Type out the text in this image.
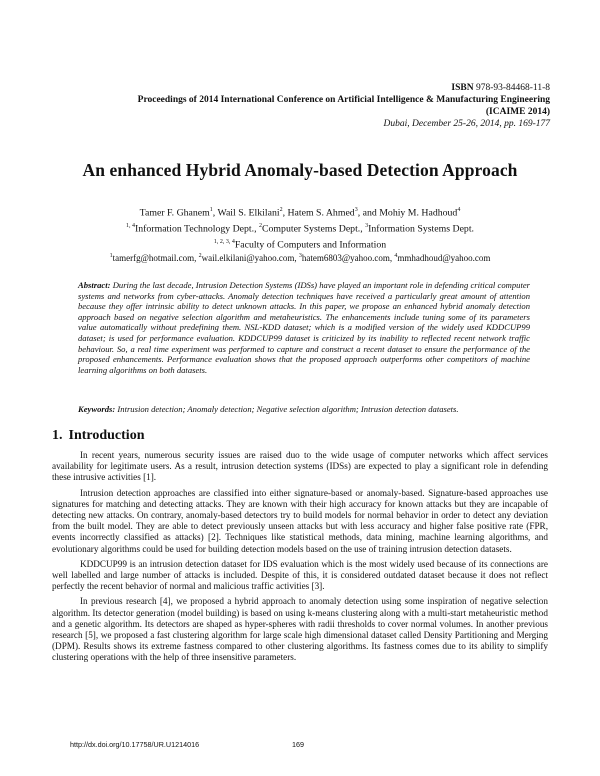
ISBN 978-93-84468-11-8
Proceedings of 2014 International Conference on Artificial Intelligence & Manufacturing Engineering
(ICAIME 2014)
Dubai, December 25-26, 2014, pp. 169-177
An enhanced Hybrid Anomaly-based Detection Approach
Tamer F. Ghanem$^1$, Wail S. Elkilani$^2$, Hatem S. Ahmed$^3$, and Mohiy M. Hadhoud$^4$
$^{1, 4}$Information Technology Dept., $^2$Computer Systems Dept., $^3$Information Systems Dept.
$^{1, 2, 3, 4}$Faculty of Computers and Information
$^1$tamerfg@hotmail.com, $^2$wail.elkilani@yahoo.com, $^3$hatem6803@yahoo.com, $^4$mmhadhoud@yahoo.com
Abstract: During the last decade, Intrusion Detection Systems (IDSs) have played an important role in defending critical computer systems and networks from cyber-attacks. Anomaly detection techniques have received a particularly great amount of attention because they offer intrinsic ability to detect unknown attacks. In this paper, we propose an enhanced hybrid anomaly detection approach based on negative selection algorithm and metaheuristics. The enhancements include tuning some of its parameters value automatically without predefining them. NSL-KDD dataset; which is a modified version of the widely used KDDCUP99 dataset; is used for performance evaluation. KDDCUP99 dataset is criticized by its inability to reflected recent network traffic behaviour. So, a real time experiment was performed to capture and construct a recent dataset to ensure the performance of the proposed enhancements. Performance evaluation shows that the proposed approach outperforms other competitors of machine learning algorithms on both datasets.
Keywords: Intrusion detection; Anomaly detection; Negative selection algorithm; Intrusion detection datasets.
1. Introduction

In recent years, numerous security issues are raised duo to the wide usage of computer networks which affect services availability for legitimate users. As a result, intrusion detection systems (IDSs) are expected to play a significant role in defending these intrusive activities [1].

Intrusion detection approaches are classified into either signature-based or anomaly-based. Signature-based approaches use signatures for matching and detecting attacks. They are known with their high accuracy for known attacks but they are incapable of detecting new attacks. On contrary, anomaly-based detectors try to build models for normal behavior in order to detect any deviation from the built model. They are able to detect previously unseen attacks but with less accuracy and higher false positive rate (FPR, events incorrectly classified as attacks) [2]. Techniques like statistical methods, data mining, machine learning algorithms, and evolutionary algorithms could be used for building detection models based on the use of training intrusion detection datasets.

KDDCUP99 is an intrusion detection dataset for IDS evaluation which is the most widely used because of its connections are well labelled and large number of attacks is included. Despite of this, it is considered outdated dataset because it does not reflect perfectly the recent behavior of normal and malicious traffic activities [3].

In previous research [4], we proposed a hybrid approach to anomaly detection using some inspiration of negative selection algorithm. Its detector generation (model building) is based on using k-means clustering along with a multi-start metaheuristic method and a genetic algorithm. Its detectors are shaped as hyper-spheres with radii thresholds to cover normal volumes. In another previous research [5], we proposed a fast clustering algorithm for large scale high dimensional dataset called Density Partitioning and Merging (DPM). Results shows its extreme fastness compared to other clustering algorithms. Its fastness comes due to its ability to simplify clustering operations with the help of three insensitive parameters.

http://dx.doi.org/10.17758/UR.U1214016	169
